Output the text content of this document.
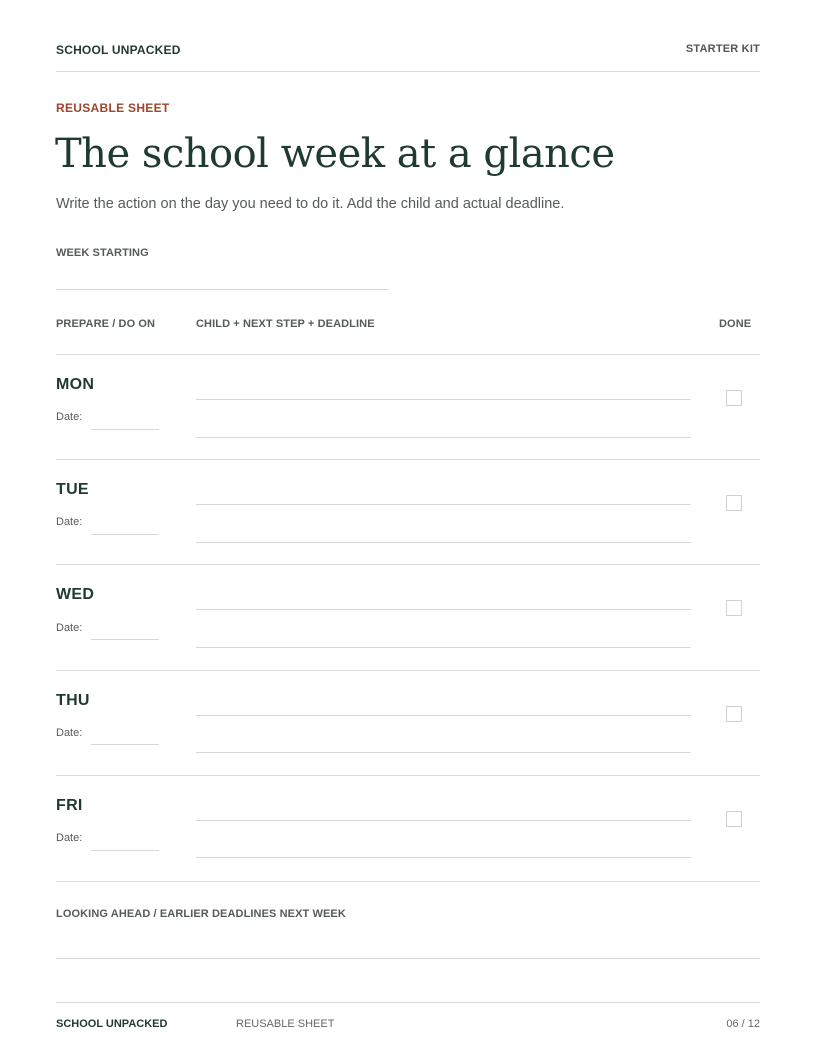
SCHOOL UNPACKED	STARTER KIT
REUSABLE SHEET
The school week at a glance
Write the action on the day you need to do it. Add the child and actual deadline.
WEEK STARTING
PREPARE / DO ON	CHILD + NEXT STEP + DEADLINE	DONE
MON
Date:
TUE
Date:
WED
Date:
THU
Date:
FRI
Date:
LOOKING AHEAD / EARLIER DEADLINES NEXT WEEK
SCHOOL UNPACKED	REUSABLE SHEET	06 / 12
